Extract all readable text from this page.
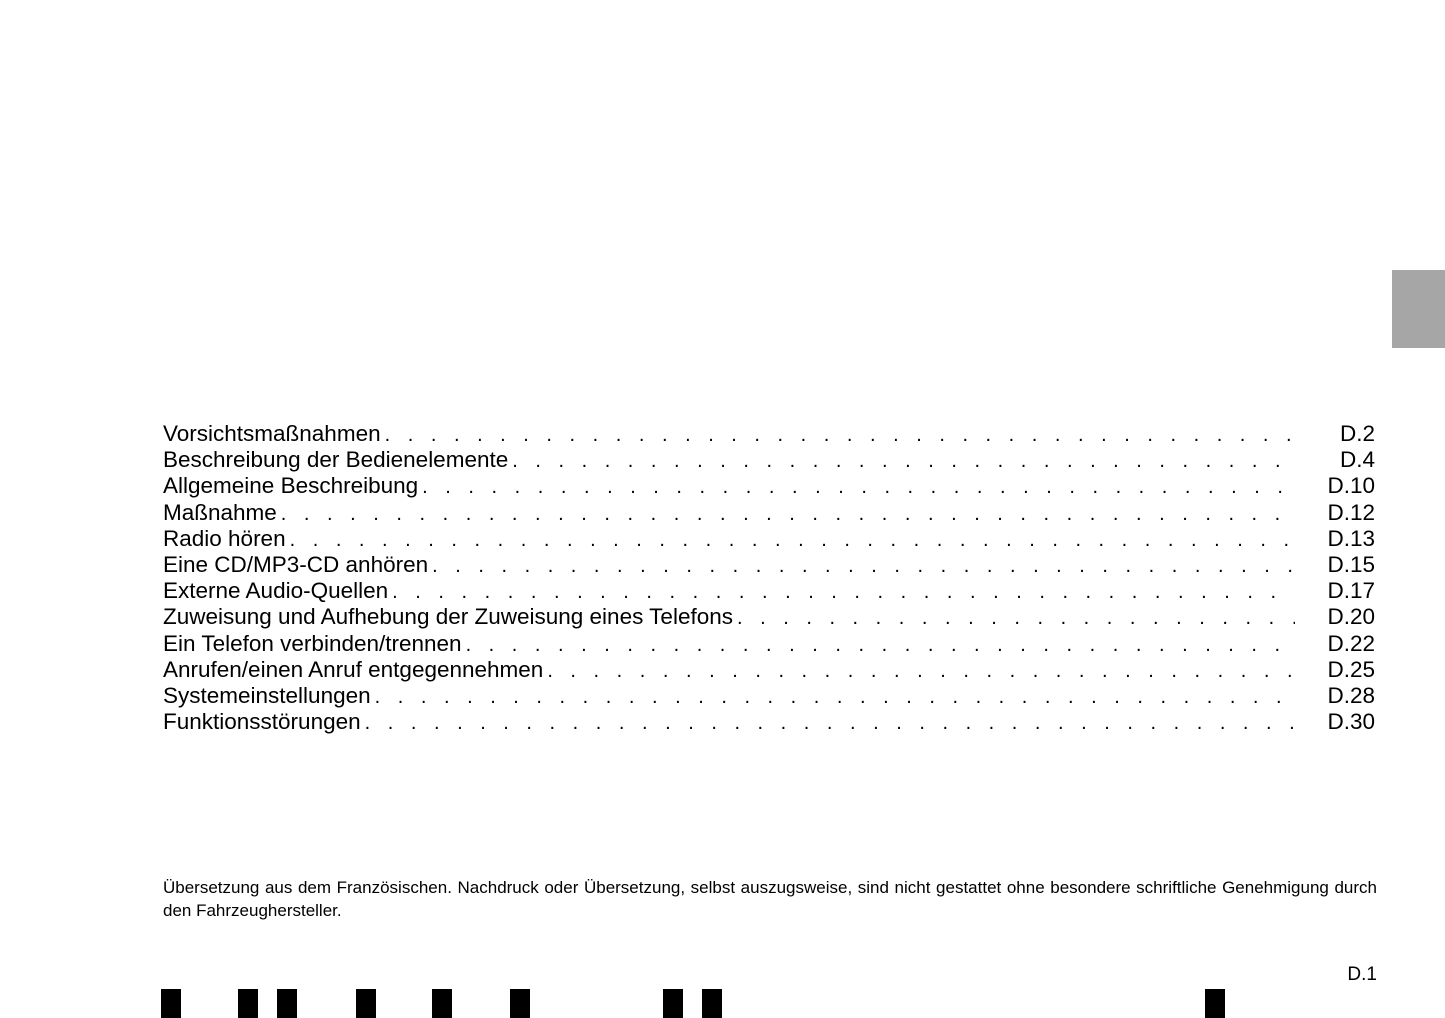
Vorsichtsmaßnahmen . . .	D.2
Beschreibung der Bedienelemente . . .	D.4
Allgemeine Beschreibung . . .	D.10
Maßnahme . . .	D.12
Radio hören . . .	D.13
Eine CD/MP3-CD anhören . . .	D.15
Externe Audio-Quellen . . .	D.17
Zuweisung und Aufhebung der Zuweisung eines Telefons . . .	D.20
Ein Telefon verbinden/trennen . . .	D.22
Anrufen/einen Anruf entgegennehmen . . .	D.25
Systemeinstellungen . . .	D.28
Funktionsstörungen . . .	D.30

Übersetzung aus dem Französischen. Nachdruck oder Übersetzung, selbst auszugsweise, sind nicht gestattet ohne besondere schriftliche Genehmigung durch den Fahrzeughersteller.

D.1
